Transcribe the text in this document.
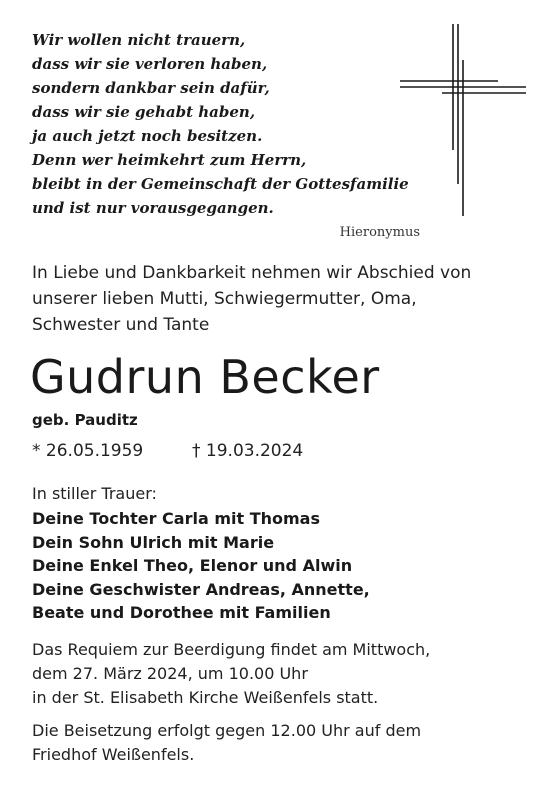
Wir wollen nicht trauern,
dass wir sie verloren haben,
sondern dankbar sein dafür,
dass wir sie gehabt haben,
ja auch jetzt noch besitzen.
Denn wer heimkehrt zum Herrn,
bleibt in der Gemeinschaft der Gottesfamilie
und ist nur vorausgegangen.
Hieronymus
In Liebe und Dankbarkeit nehmen wir Abschied von
unserer lieben Mutti, Schwiegermutter, Oma,
Schwester und Tante
Gudrun Becker
geb. Pauditz
* 26.05.1959	† 19.03.2024
In stiller Trauer:
Deine Tochter Carla mit Thomas
Dein Sohn Ulrich mit Marie
Deine Enkel Theo, Elenor und Alwin
Deine Geschwister Andreas, Annette,
Beate und Dorothee mit Familien
Das Requiem zur Beerdigung findet am Mittwoch,
dem 27. März 2024, um 10.00 Uhr
in der St. Elisabeth Kirche Weißenfels statt.
Die Beisetzung erfolgt gegen 12.00 Uhr auf dem
Friedhof Weißenfels.
